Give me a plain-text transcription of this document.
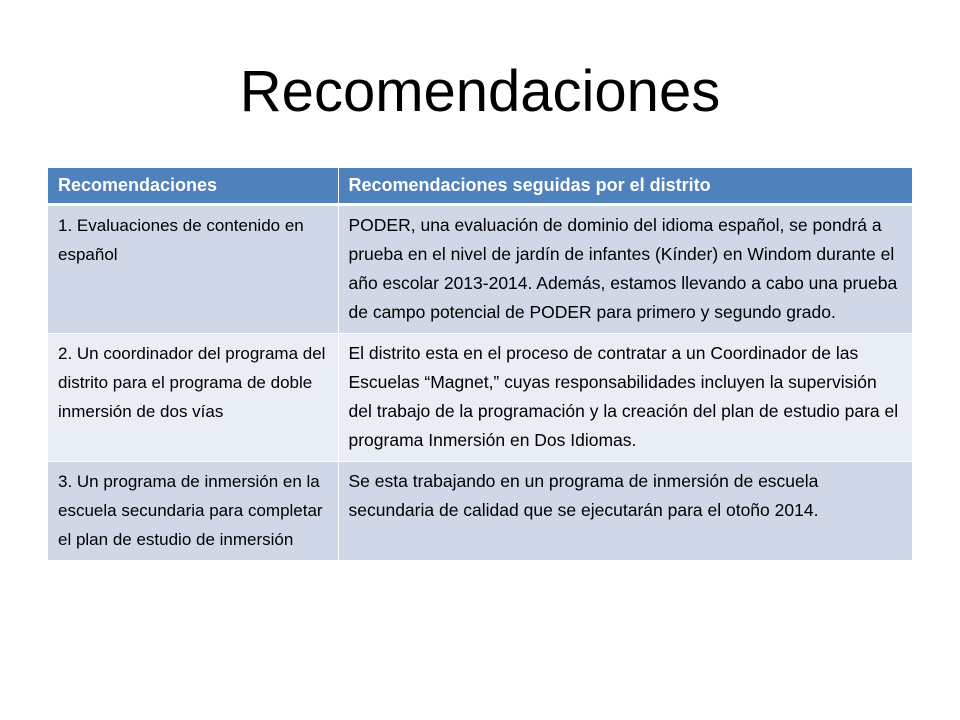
Recomendaciones
Recomendaciones	Recomendaciones seguidas por el distrito
1. Evaluaciones de contenido en español	PODER, una evaluación de dominio del idioma español, se pondrá a prueba en el nivel de jardín de infantes (Kínder) en Windom durante el año escolar 2013-2014. Además, estamos llevando a cabo una prueba de campo potencial de PODER para primero y segundo grado.
2. Un coordinador del programa del distrito para el programa de doble inmersión de dos vías	El distrito esta en el proceso de contratar a un Coordinador de las Escuelas “Magnet,” cuyas responsabilidades incluyen la supervisión del trabajo de la programación y la creación del plan de estudio para el programa Inmersión en Dos Idiomas.
3. Un programa de inmersión en la escuela secundaria para completar el plan de estudio de inmersión	Se esta trabajando en un programa de inmersión de escuela secundaria de calidad que se ejecutarán para el otoño 2014.
